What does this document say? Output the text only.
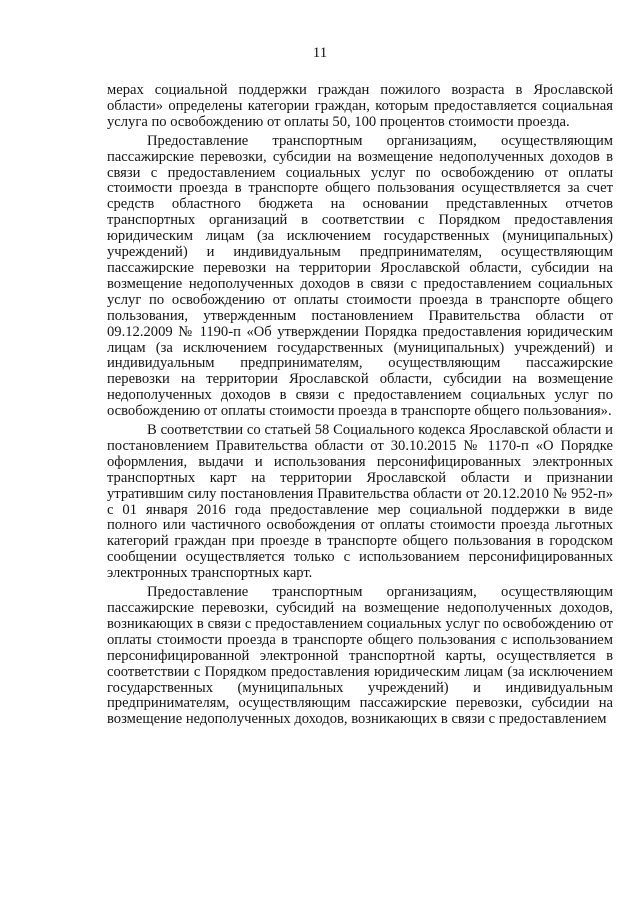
11

мерах социальной поддержки граждан пожилого возраста в Ярославской области» определены категории граждан, которым предоставляется социальная услуга по освобождению от оплаты 50, 100 процентов стоимости проезда.

Предоставление транспортным организациям, осуществляющим пассажирские перевозки, субсидии на возмещение недополученных доходов в связи с предоставлением социальных услуг по освобождению от оплаты стоимости проезда в транспорте общего пользования осуществляется за счет средств областного бюджета на основании представленных отчетов транспортных организаций в соответствии с Порядком предоставления юридическим лицам (за исключением государственных (муниципальных) учреждений) и индивидуальным предпринимателям, осуществляющим пассажирские перевозки на территории Ярославской области, субсидии на возмещение недополученных доходов в связи с предоставлением социальных услуг по освобождению от оплаты стоимости проезда в транспорте общего пользования, утвержденным постановлением Правительства области от 09.12.2009 № 1190-п «Об утверждении Порядка предоставления юридическим лицам (за исключением государственных (муниципальных) учреждений) и индивидуальным предпринимателям, осуществляющим пассажирские перевозки на территории Ярославской области, субсидии на возмещение недополученных доходов в связи с предоставлением социальных услуг по освобождению от оплаты стоимости проезда в транспорте общего пользования».

В соответствии со статьей 58 Социального кодекса Ярославской области и постановлением Правительства области от 30.10.2015 № 1170-п «О Порядке оформления, выдачи и использования персонифицированных электронных транспортных карт на территории Ярославской области и признании утратившим силу постановления Правительства области от 20.12.2010 № 952-п» с 01 января 2016 года предоставление мер социальной поддержки в виде полного или частичного освобождения от оплаты стоимости проезда льготных категорий граждан при проезде в транспорте общего пользования в городском сообщении осуществляется только с использованием персонифицированных электронных транспортных карт.

Предоставление транспортным организациям, осуществляющим пассажирские перевозки, субсидий на возмещение недополученных доходов, возникающих в связи с предоставлением социальных услуг по освобождению от оплаты стоимости проезда в транспорте общего пользования с использованием персонифицированной электронной транспортной карты, осуществляется в соответствии с Порядком предоставления юридическим лицам (за исключением государственных (муниципальных учреждений) и индивидуальным предпринимателям, осуществляющим пассажирские перевозки, субсидии на возмещение недополученных доходов, возникающих в связи с предоставлением
